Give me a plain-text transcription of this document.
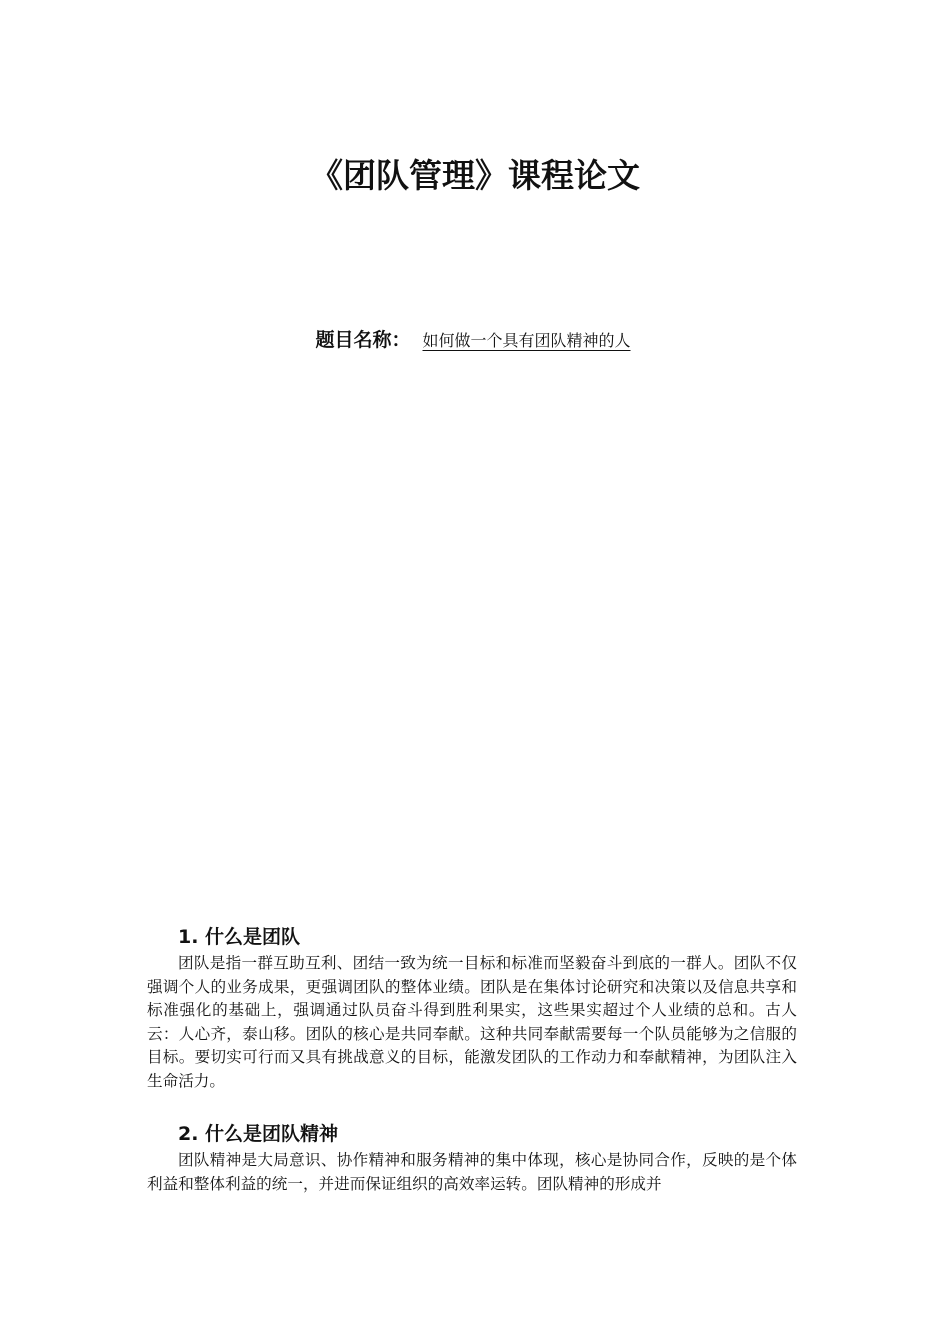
《团队管理》课程论文
题目名称： 如何做一个具有团队精神的人
1. 什么是团队

团队是指一群互助互利、团结一致为统一目标和标准而坚毅奋斗到底的一群人。团队不仅强调个人的业务成果，更强调团队的整体业绩。团队是在集体讨论研究和决策以及信息共享和标准强化的基础上，强调通过队员奋斗得到胜利果实，这些果实超过个人业绩的总和。古人云：人心齐，泰山移。团队的核心是共同奉献。这种共同奉献需要每一个队员能够为之信服的目标。要切实可行而又具有挑战意义的目标，能激发团队的工作动力和奉献精神，为团队注入生命活力。

2. 什么是团队精神

团队精神是大局意识、协作精神和服务精神的集中体现，核心是协同合作，反映的是个体利益和整体利益的统一，并进而保证组织的高效率运转。团队精神的形成并
